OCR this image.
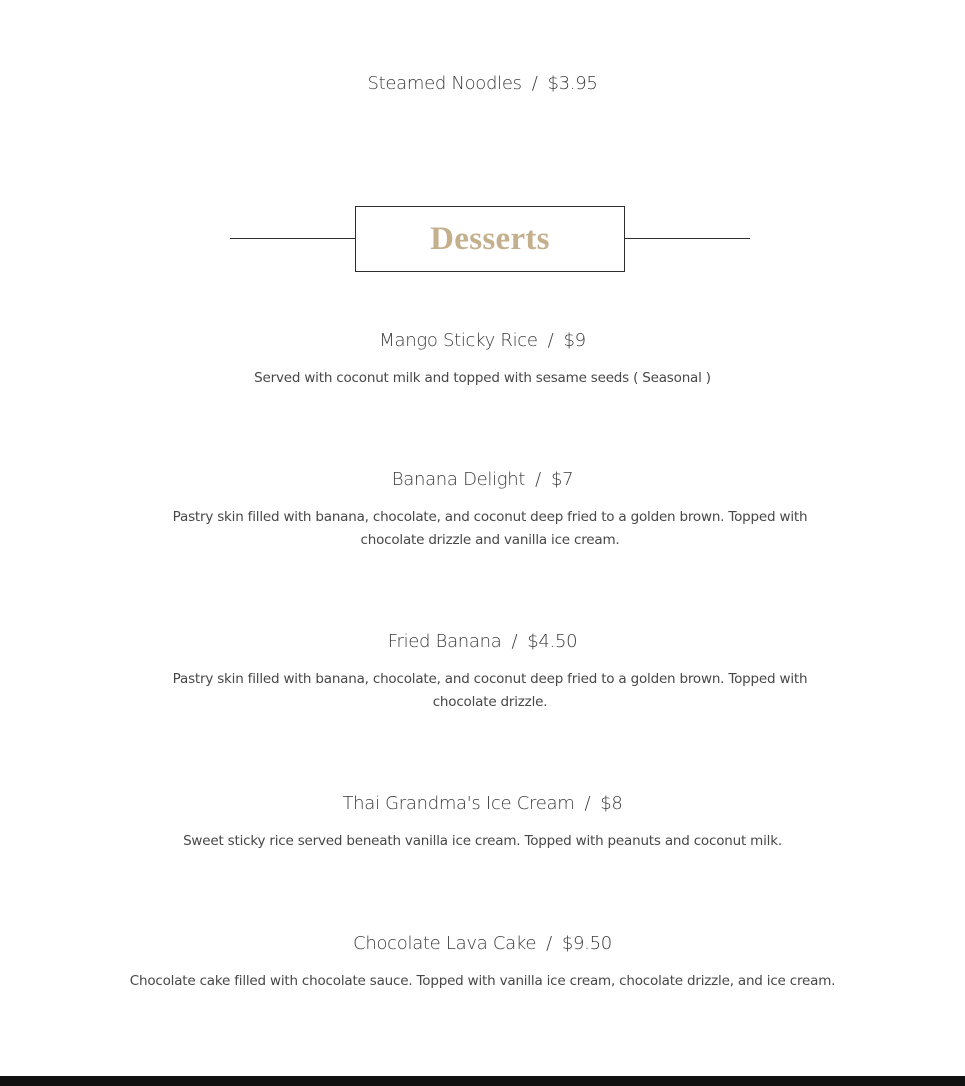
Steamed Noodles / $3.95
Desserts
Mango Sticky Rice / $9
Served with coconut milk and topped with sesame seeds ( Seasonal )
Banana Delight / $7
Pastry skin filled with banana, chocolate, and coconut deep fried to a golden brown. Topped with chocolate drizzle and vanilla ice cream.
Fried Banana / $4.50
Pastry skin filled with banana, chocolate, and coconut deep fried to a golden brown. Topped with chocolate drizzle.
Thai Grandma's Ice Cream / $8
Sweet sticky rice served beneath vanilla ice cream. Topped with peanuts and coconut milk.
Chocolate Lava Cake / $9.50
Chocolate cake filled with chocolate sauce. Topped with vanilla ice cream, chocolate drizzle, and ice cream.
